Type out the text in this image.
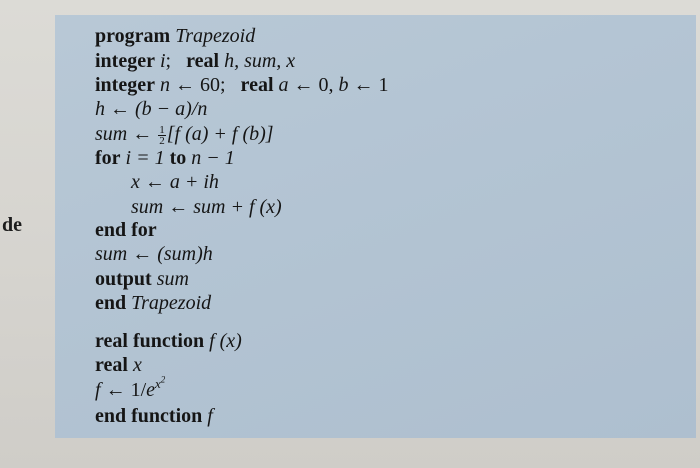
de
program Trapezoid
integer i; real h, sum, x
integer n ← 60; real a ← 0, b ← 1
h ← (b − a)/n
sum ← $\frac{1}{2} [f$ (a) + f (b)]
for i = 1 to n − 1
x ← a + ih
sum ← sum + f (x)
end for
sum ← (sum)h
output sum
end Trapezoid
real function f (x)
real x
f ← $1/e^{x^2}$
end function f
